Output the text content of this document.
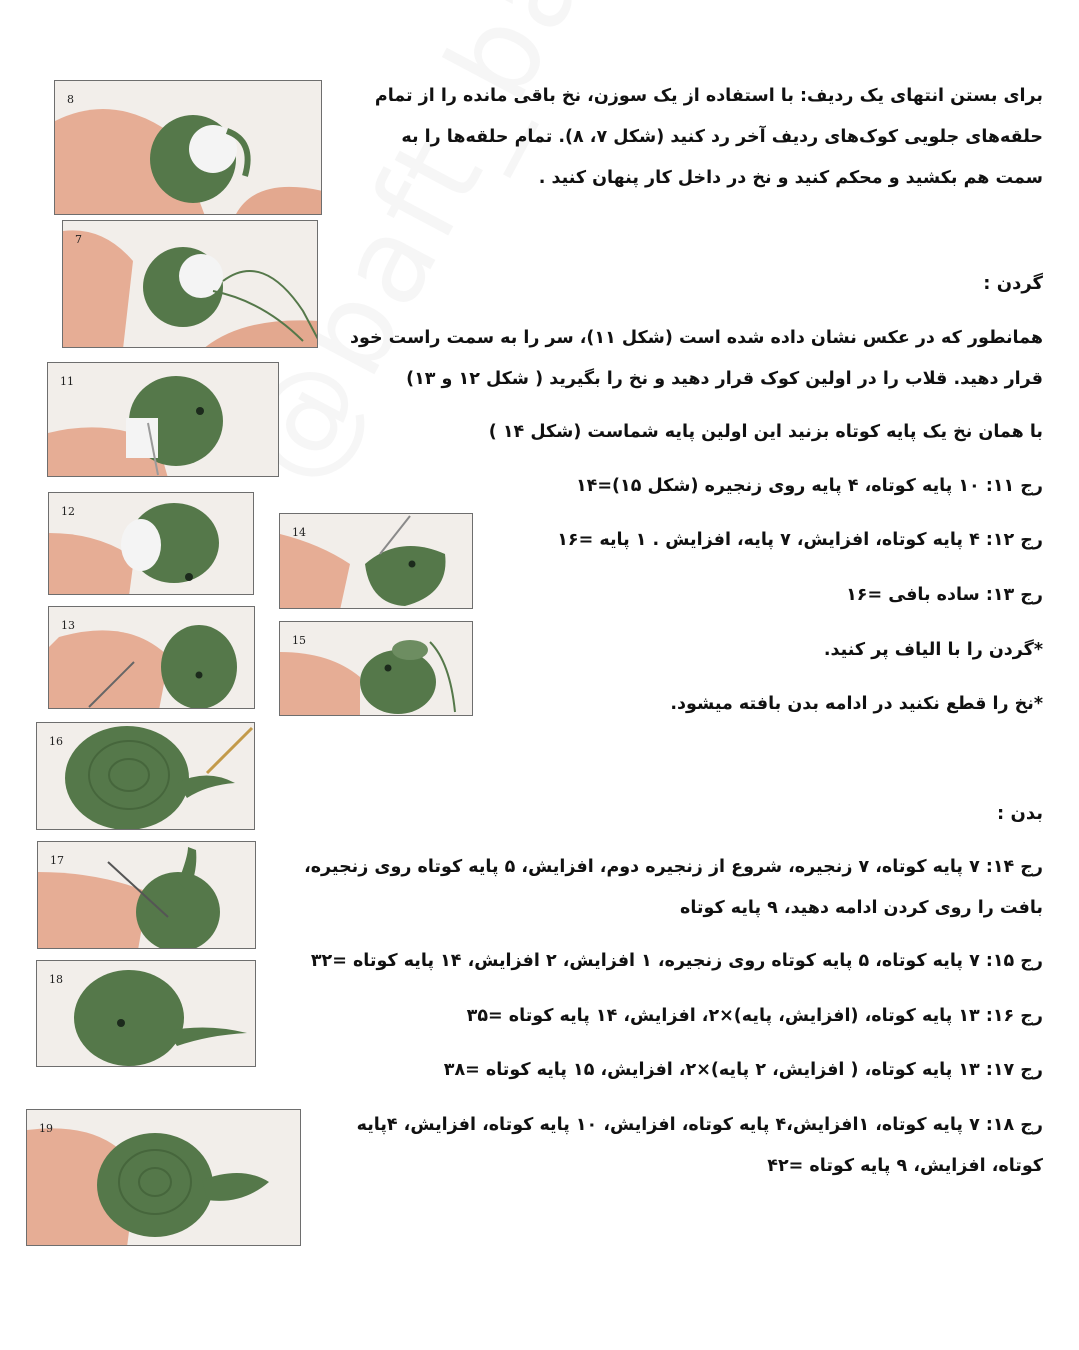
8
7
11
12
14
13
15
16
17
18
19
برای بستن انتهای یک ردیف: با استفاده از یک سوزن، نخ باقی مانده را از تمام
حلقه‌های جلویی کوک‌های ردیف آخر رد کنید (شکل ۷، ۸). تمام حلقه‌ها را به
سمت هم بکشید و محکم کنید و نخ در داخل کار پنهان کنید .
گردن :
همانطور که در عکس نشان داده شده است (شکل ۱۱)، سر را به سمت راست خود
قرار دهید. قلاب را در اولین کوک قرار دهید و نخ را بگیرید ( شکل ۱۲ و ۱۳)
با همان نخ یک پایه کوتاه بزنید این اولین پایه شماست (شکل ۱۴ )
رج ۱۱: ۱۰ پایه کوتاه، ۴ پایه روی زنجیره (شکل ۱۵)=۱۴
رج ۱۲: ۴ پایه کوتاه، افزایش، ۷ پایه، افزایش . ۱ پایه =۱۶
رج ۱۳: ساده بافی =۱۶
*گردن را با الیاف پر کنید.
*نخ را قطع نکنید در ادامه بدن بافته میشود.
بدن :
رج ۱۴: ۷ پایه کوتاه، ۷ زنجیره، شروع از زنجیره دوم، افزایش، ۵ پایه کوتاه روی زنجیره،
بافت را روی کردن ادامه دهید، ۹ پایه کوتاه
رج ۱۵: ۷ پایه کوتاه، ۵ پایه کوتاه روی زنجیره، ۱ افزایش، ۲ افزایش، ۱۴ پایه کوتاه =۳۲
رج ۱۶: ۱۳ پایه کوتاه، (افزایش، پایه)×۲، افزایش، ۱۴ پایه کوتاه =۳۵
رج ۱۷: ۱۳ پایه کوتاه، ( افزایش، ۲ پایه)×۲، افزایش، ۱۵ پایه کوتاه =۳۸
رج ۱۸: ۷ پایه کوتاه، ۱افزایش،۴ پایه کوتاه، افزایش، ۱۰ پایه کوتاه، افزایش، ۴پایه
کوتاه، افزایش، ۹ پایه کوتاه =۴۲
